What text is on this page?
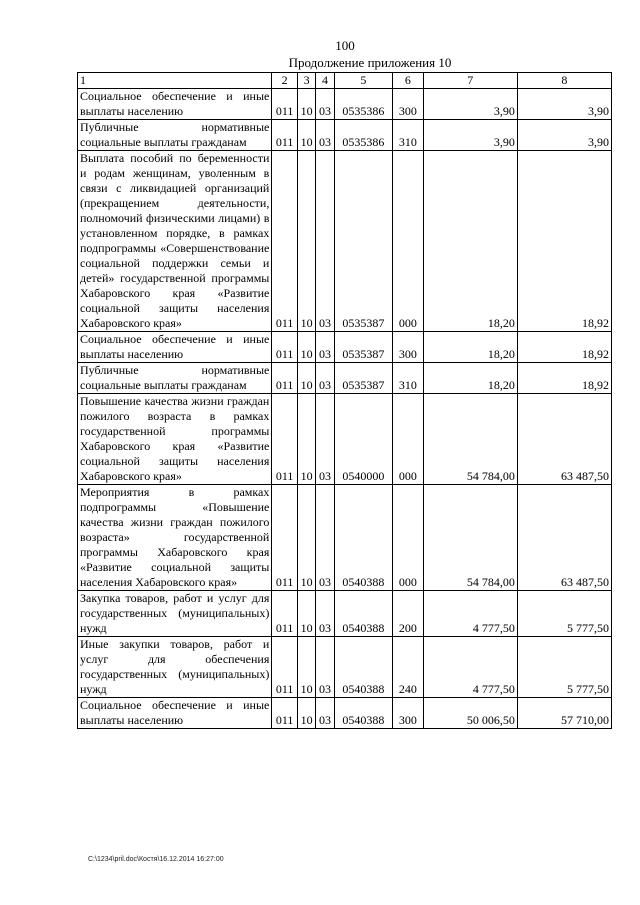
100
Продолжение приложения 10
1	2	3	4	5	6	7	8
Социальное обеспечение и иные выплаты населению	011	10	03	0535386	300	3,90	3,90
Публичные нормативные социальные выплаты гражданам	011	10	03	0535386	310	3,90	3,90
Выплата пособий по беременности и родам женщинам, уволенным в связи с ликвидацией организаций (прекращением деятельности, полномочий физическими лицами) в установленном порядке, в рамках подпрограммы «Совершенствование социальной поддержки семьи и детей» государственной программы Хабаровского края «Развитие социальной защиты населения Хабаровского края»	011	10	03	0535387	000	18,20	18,92
Социальное обеспечение и иные выплаты населению	011	10	03	0535387	300	18,20	18,92
Публичные нормативные социальные выплаты гражданам	011	10	03	0535387	310	18,20	18,92
Повышение качества жизни граждан пожилого возраста в рамках государственной программы Хабаровского края «Развитие социальной защиты населения Хабаровского края»	011	10	03	0540000	000	54 784,00	63 487,50
Мероприятия в рамках подпрограммы «Повышение качества жизни граждан пожилого возраста» государственной программы Хабаровского края «Развитие социальной защиты населения Хабаровского края»	011	10	03	0540388	000	54 784,00	63 487,50
Закупка товаров, работ и услуг для государственных (муниципальных) нужд	011	10	03	0540388	200	4 777,50	5 777,50
Иные закупки товаров, работ и услуг для обеспечения государственных (муниципальных) нужд	011	10	03	0540388	240	4 777,50	5 777,50
Социальное обеспечение и иные выплаты населению	011	10	03	0540388	300	50 006,50	57 710,00
C:\1234\pril.doc\Костя\16.12.2014 16:27:00
